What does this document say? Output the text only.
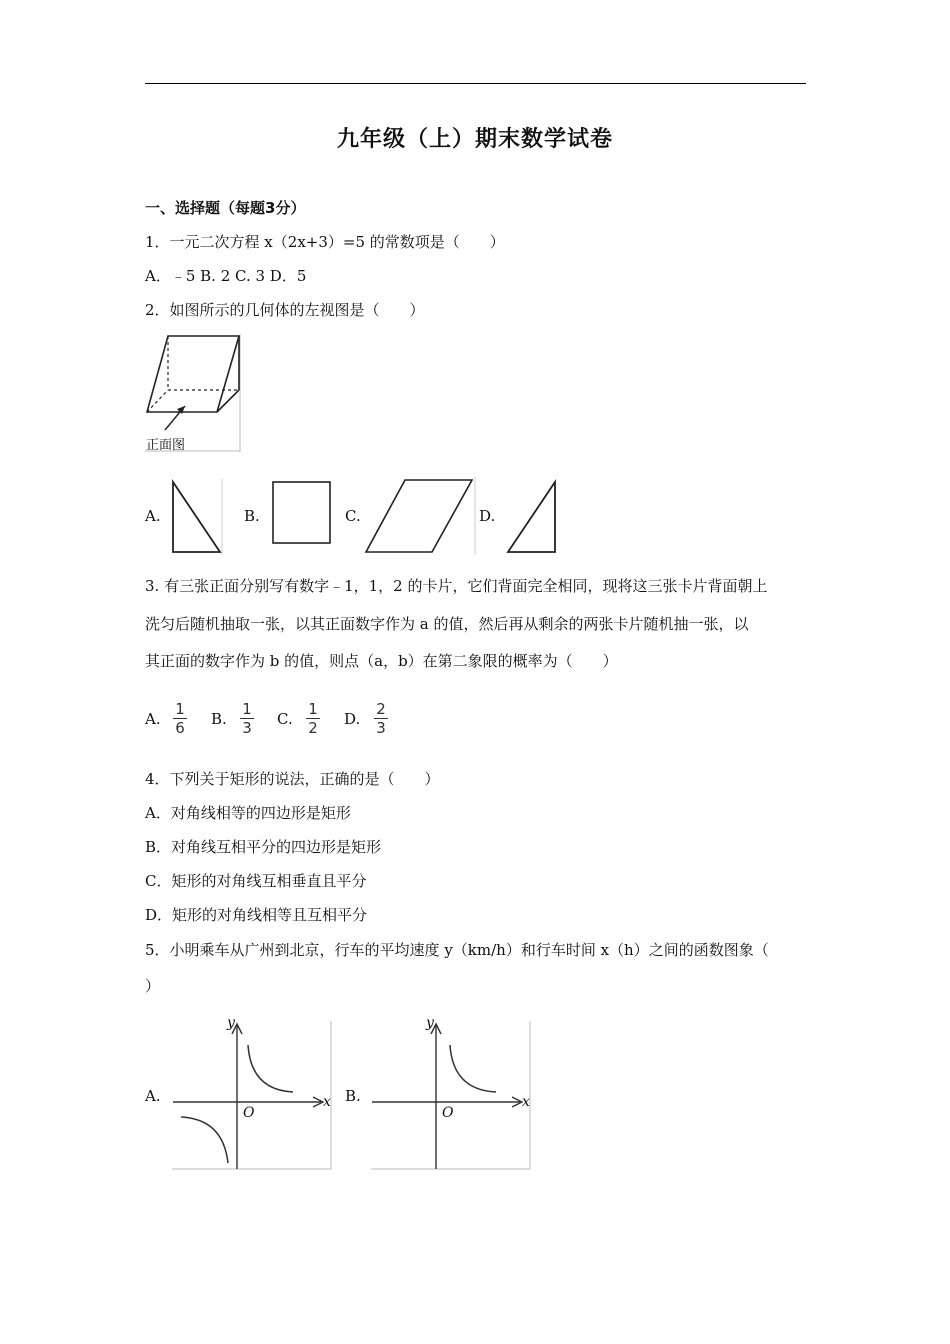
九年级（上）期末数学试卷
一、选择题（每题3分）
1．一元二次方程 x（2x+3）=5 的常数项是（　　）
A．﹣5 B. 2 C. 3 D．5
2．如图所示的几何体的左视图是（　　）
正面图
A.	B.	C.	D.
3. 有三张正面分别写有数字﹣1，1，2 的卡片，它们背面完全相同，现将这三张卡片背面朝上
洗匀后随机抽取一张，以其正面数字作为 a 的值，然后再从剩余的两张卡片随机抽一张，以
其正面的数字作为 b 的值，则点（a，b）在第二象限的概率为（　　）
A.
1
6 B.
1
3 C.
1
2 D.
2
3
4．下列关于矩形的说法，正确的是（　　）
A．对角线相等的四边形是矩形
B．对角线互相平分的四边形是矩形
C．矩形的对角线互相垂直且平分
D．矩形的对角线相等且互相平分
5．小明乘车从广州到北京，行车的平均速度 y（km/h）和行车时间 x（h）之间的函数图象（
）
A.
y
x
O
B.
y
x
O
